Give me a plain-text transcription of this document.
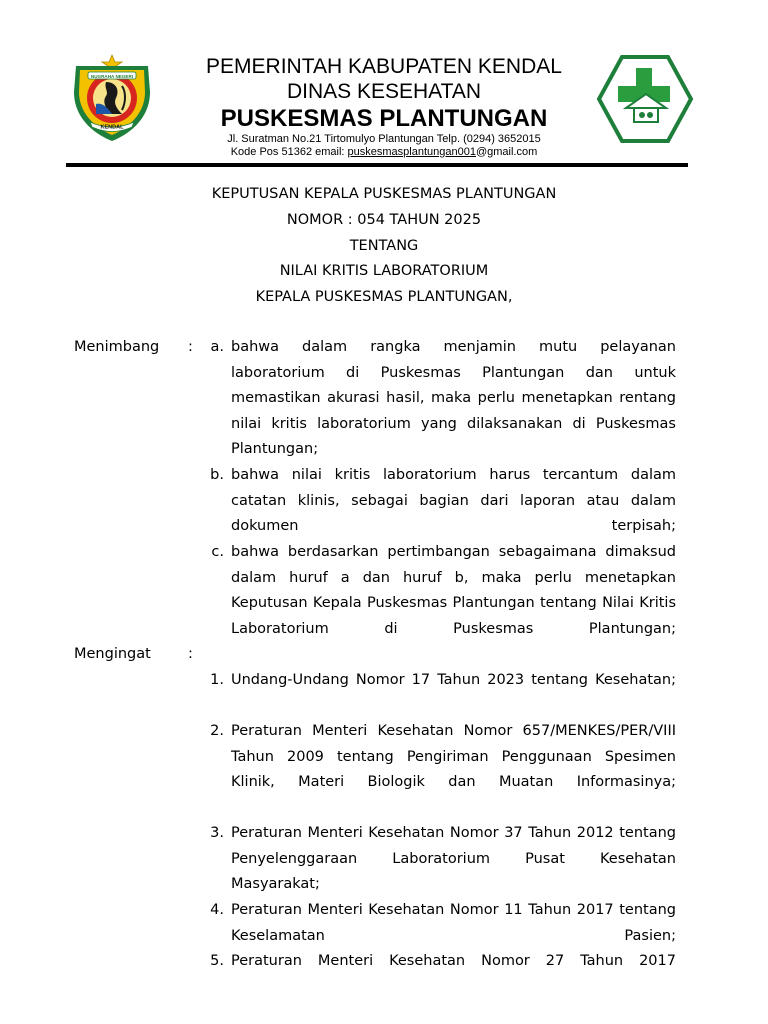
NUGRAHA NEGERI
KENDAL
PEMERINTAH KABUPATEN KENDAL
DINAS KESEHATAN
PUSKESMAS PLANTUNGAN
Jl. Suratman No.21 Tirtomulyo Plantungan Telp. (0294) 3652015
Kode Pos 51362 email: puskesmasplantungan001@gmail.com
KEPUTUSAN KEPALA PUSKESMAS PLANTUNGAN
NOMOR : 054 TAHUN 2025
TENTANG
NILAI KRITIS LABORATORIUM
KEPALA PUSKESMAS PLANTUNGAN,
Menimbang :	a. bahwa dalam rangka menjamin mutu pelayanan laboratorium di Puskesmas Plantungan dan untuk memastikan akurasi hasil, maka perlu menetapkan rentang nilai kritis laboratorium yang dilaksanakan di Puskesmas Plantungan;
b. bahwa nilai kritis laboratorium harus tercantum dalam catatan klinis, sebagai bagian dari laporan atau dalam dokumen terpisah;
c. bahwa berdasarkan pertimbangan sebagaimana dimaksud dalam huruf a dan huruf b, maka perlu menetapkan Keputusan Kepala Puskesmas Plantungan tentang Nilai Kritis Laboratorium di Puskesmas Plantungan;
Mengingat	:
1. Undang-Undang Nomor 17 Tahun 2023 tentang Kesehatan;
2. Peraturan Menteri Kesehatan Nomor 657/MENKES/PER/VIII Tahun 2009 tentang Pengiriman Penggunaan Spesimen Klinik, Materi Biologik dan Muatan Informasinya;
3. Peraturan Menteri Kesehatan Nomor 37 Tahun 2012 tentang Penyelenggaraan Laboratorium Pusat Kesehatan Masyarakat;
4. Peraturan Menteri Kesehatan Nomor 11 Tahun 2017 tentang Keselamatan Pasien;
5. Peraturan Menteri Kesehatan Nomor 27 Tahun 2017
